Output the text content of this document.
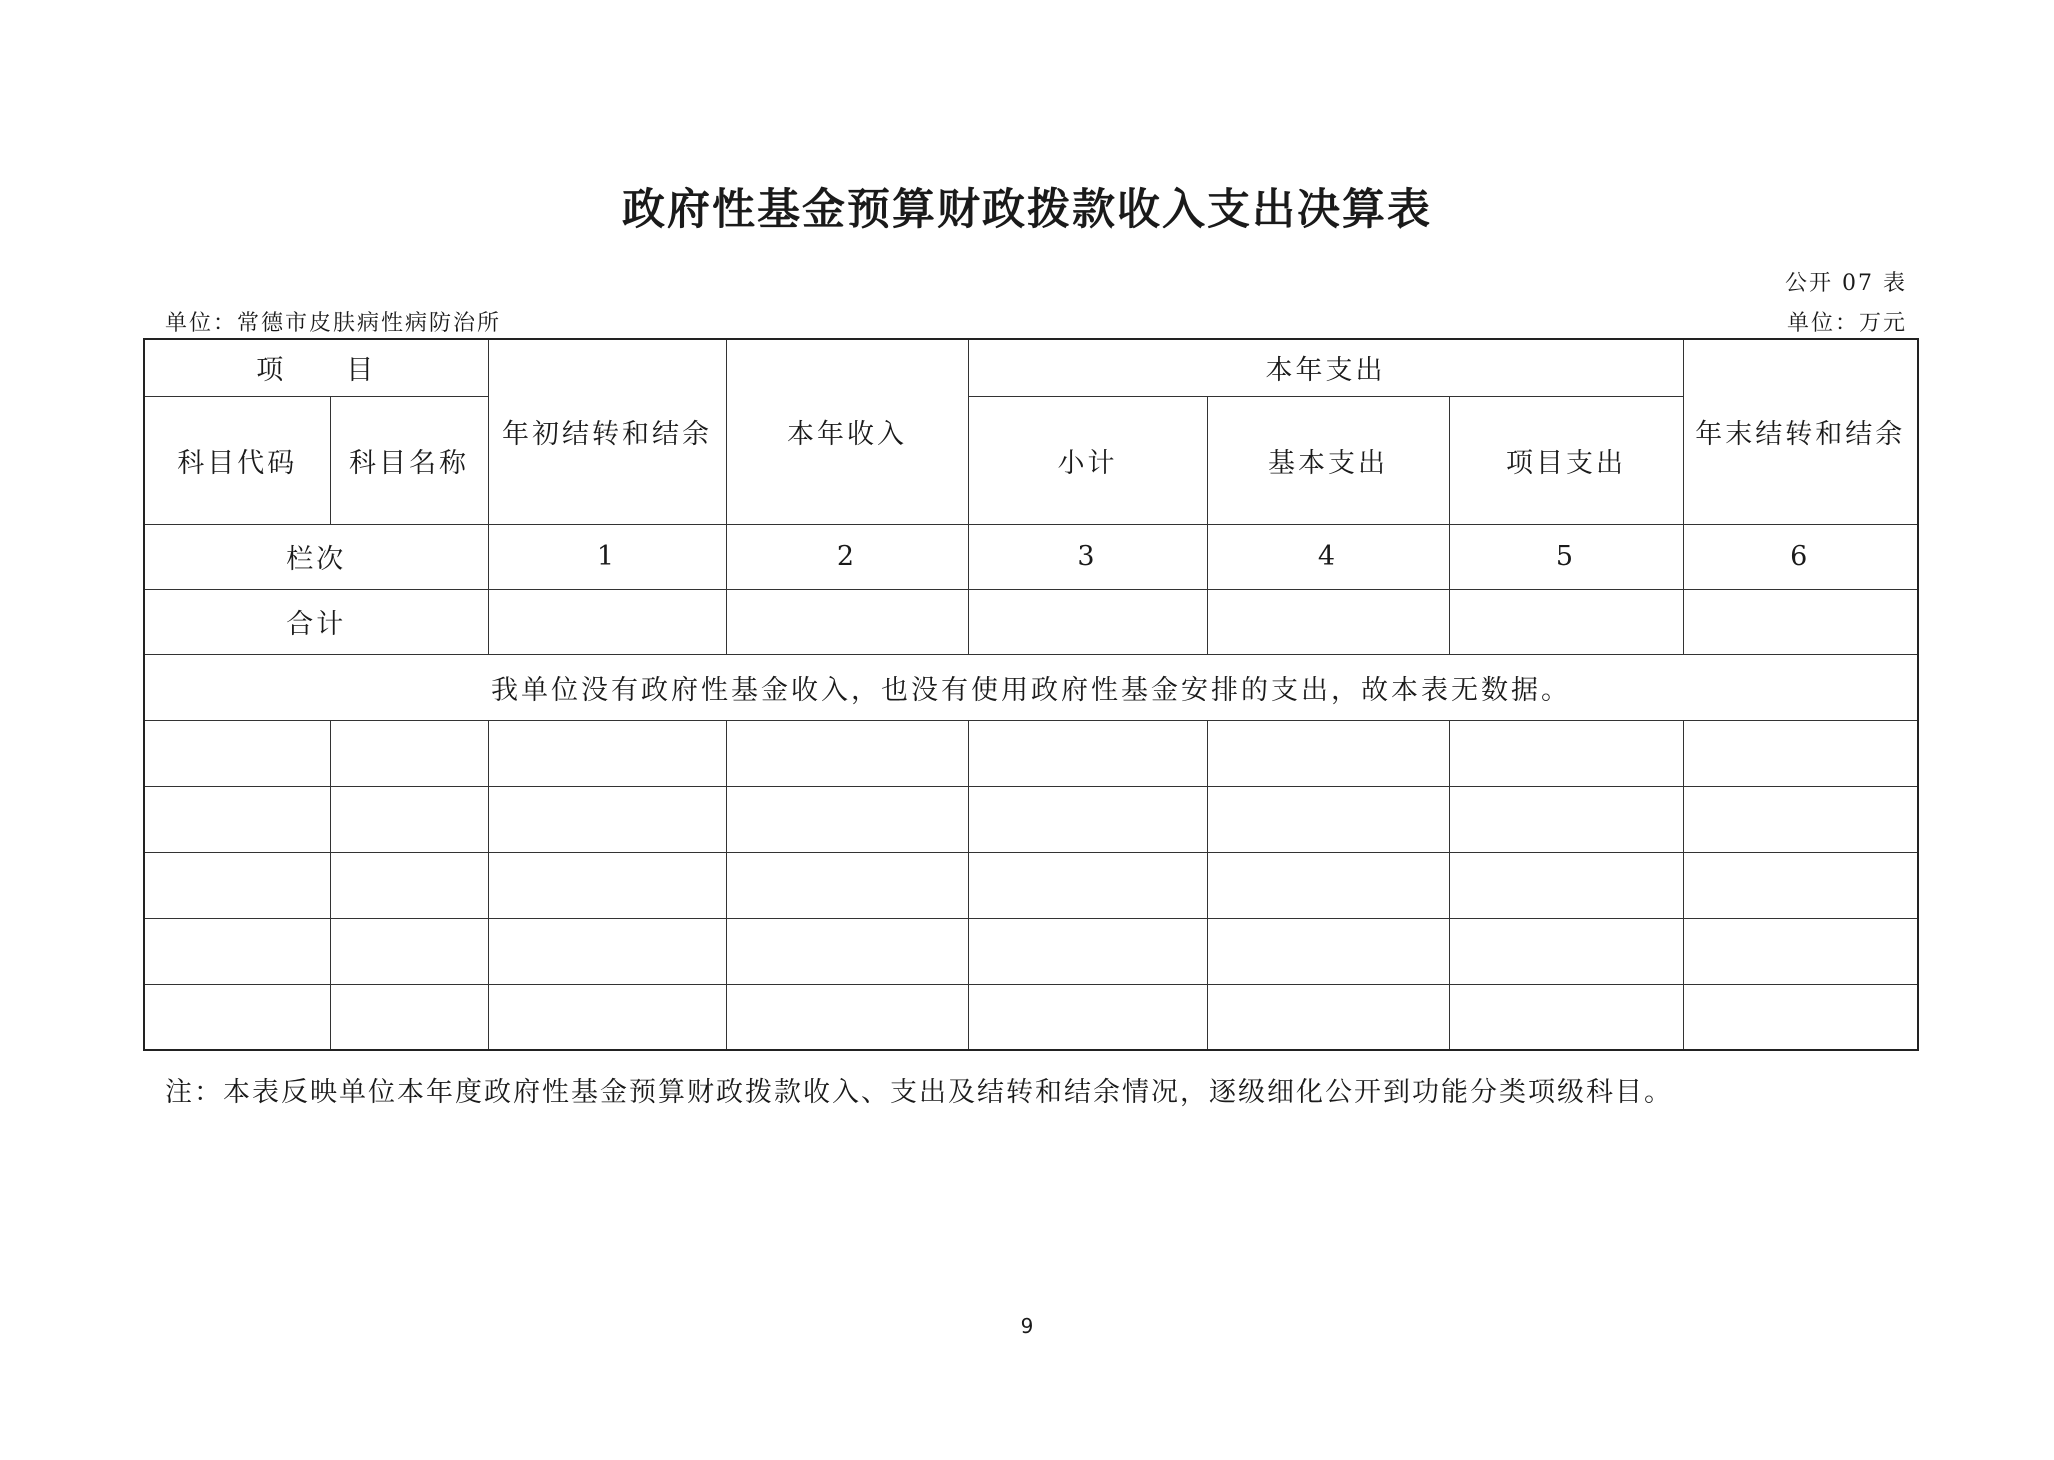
政府性基金预算财政拨款收入支出决算表
公开 07 表
单位：常德市皮肤病性病防治所	单位：万元
项　　目		年初结转和结余	本年收入	本年支出			年末结转和结余
科目代码	科目名称			小计	基本支出	项目支出	
栏次		1	2	3	4	5	6
合计							
我单位没有政府性基金收入，也没有使用政府性基金安排的支出，故本表无数据。							

注：本表反映单位本年度政府性基金预算财政拨款收入、支出及结转和结余情况，逐级细化公开到功能分类项级科目。
9
